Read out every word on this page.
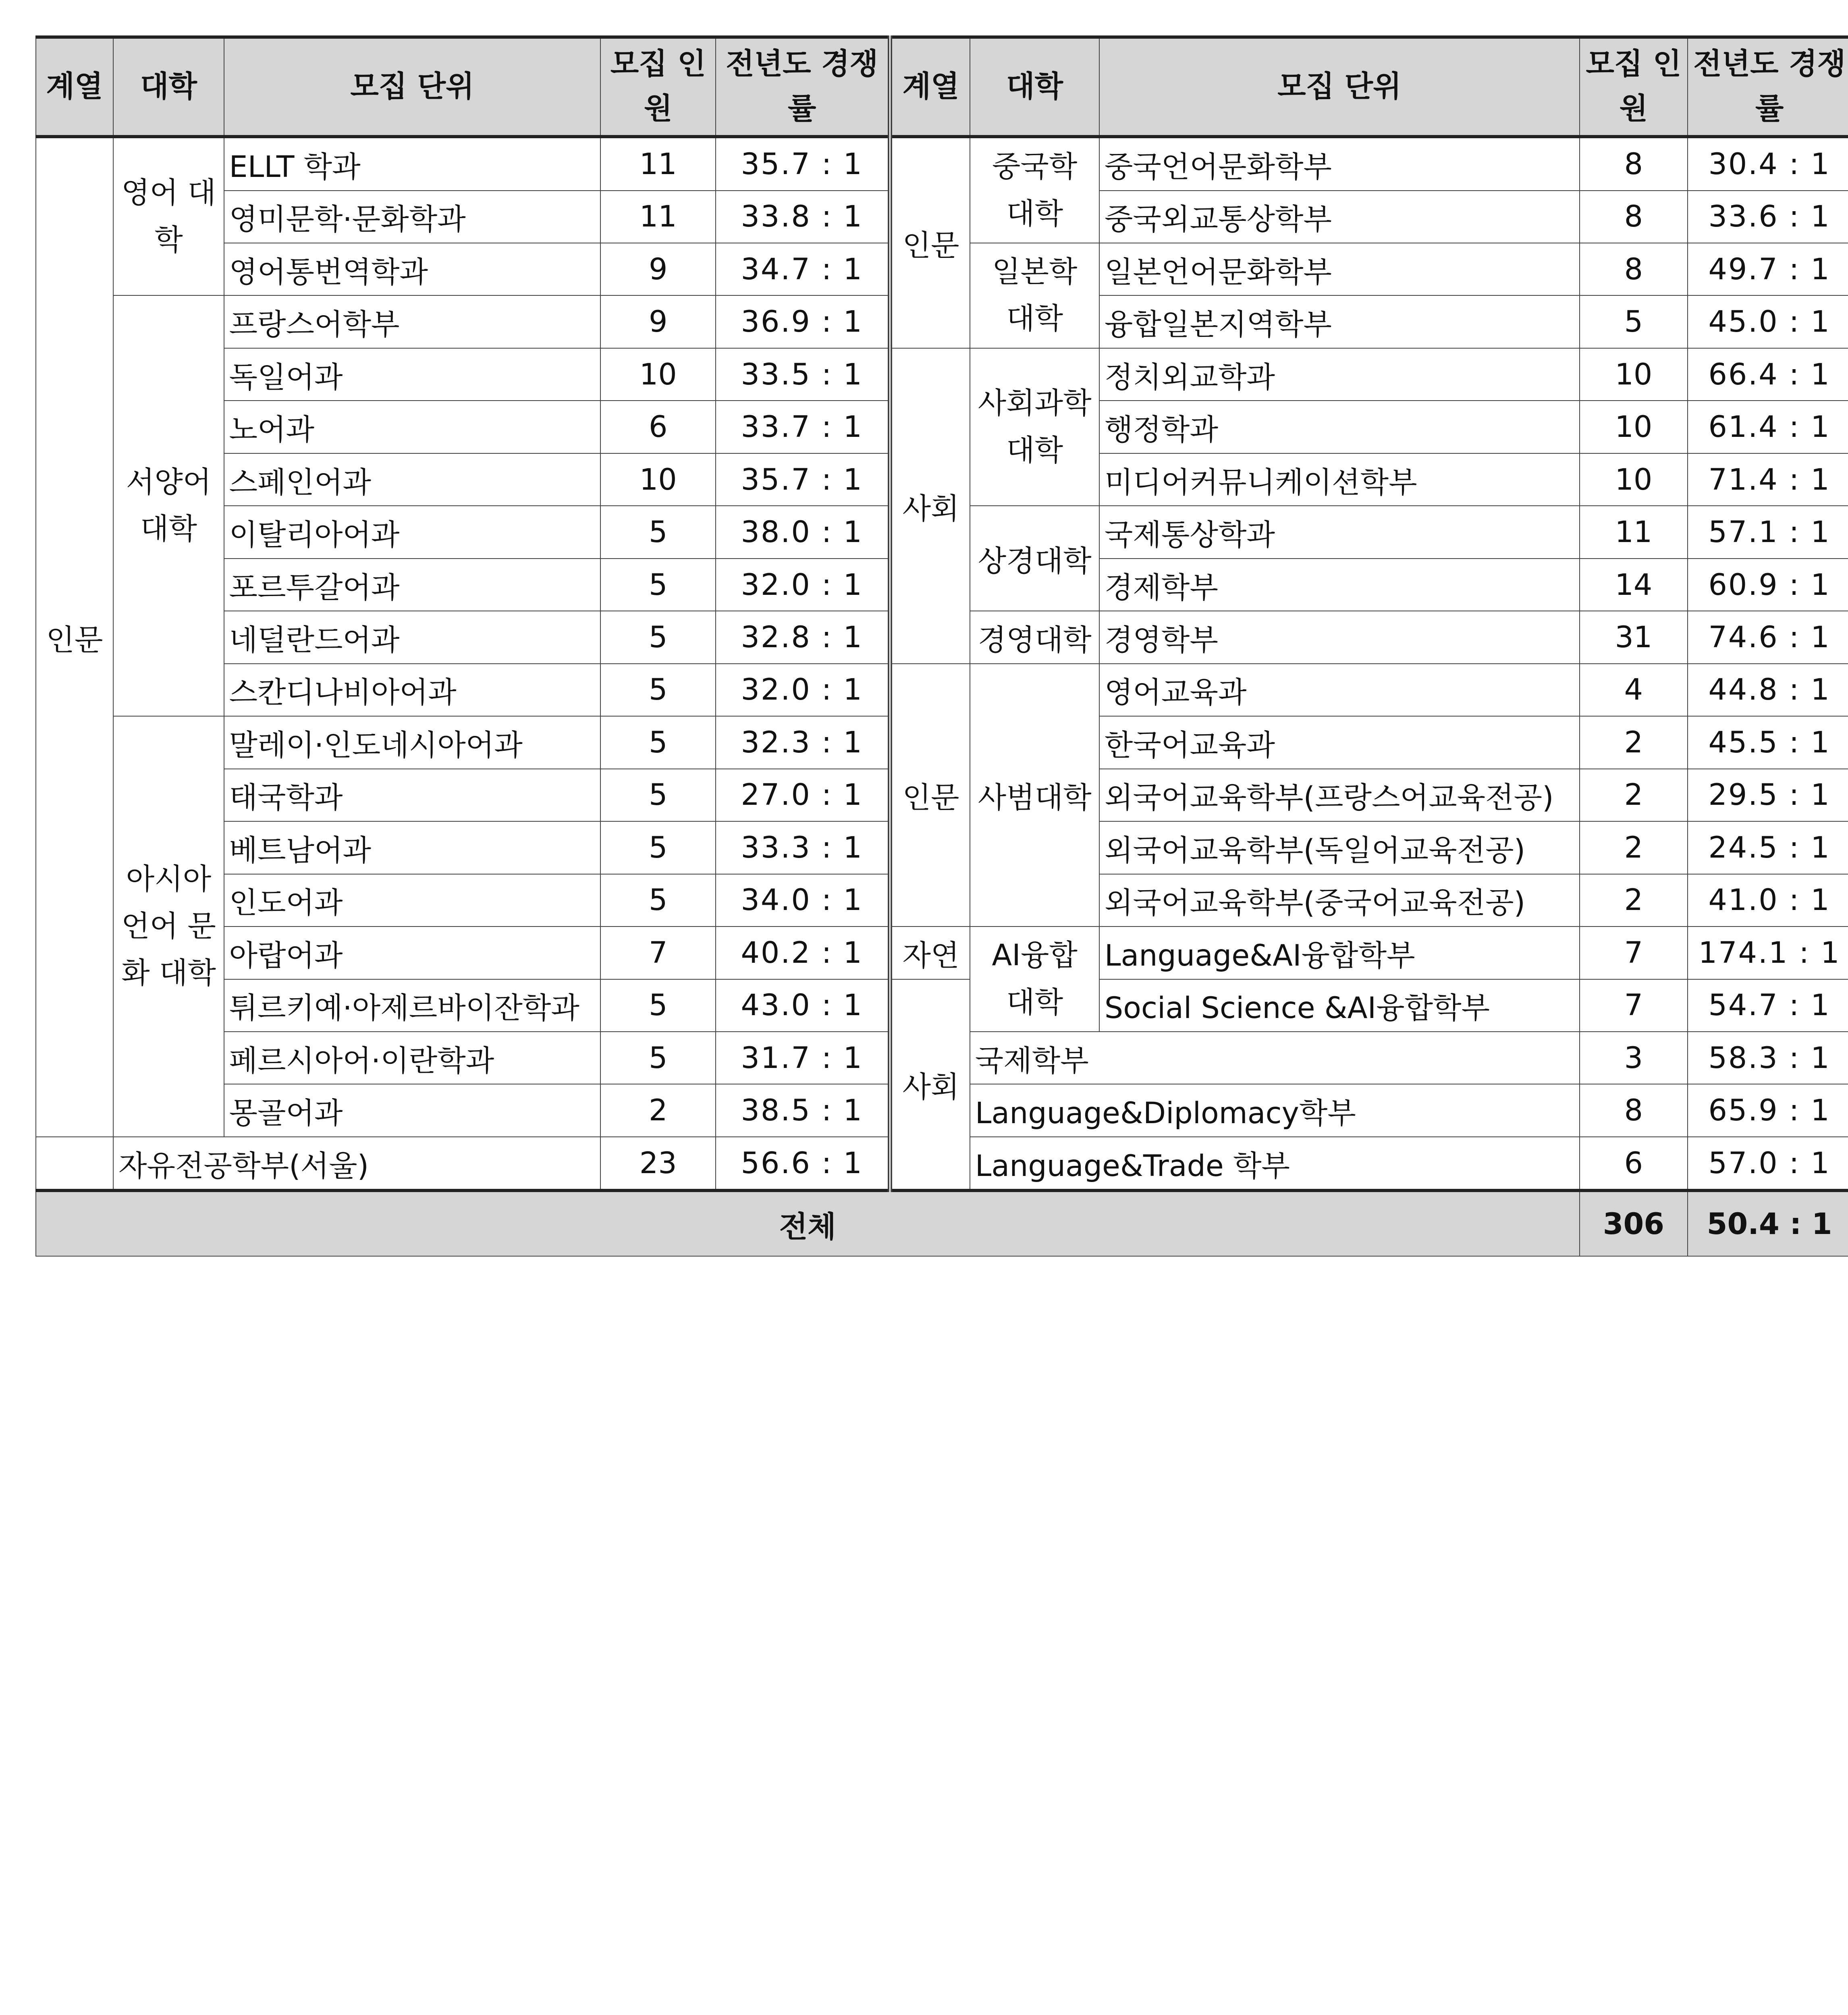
계열	대학	모집 단위	모집 인원	전년도 경쟁률	계열	대학	모집 단위	모집 인원	전년도 경쟁률
인문	영어 대학	ELLT 학과	11	35.7 : 1	인문	중국학 대학	중국언어문화학부	8	30.4 : 1
		영미문학·문화학과	11	33.8 : 1			중국외교통상학부	8	33.6 : 1
		영어통번역학과	9	34.7 : 1		일본학 대학	일본언어문화학부	8	49.7 : 1
	서양어 대학	프랑스어학부	9	36.9 : 1			융합일본지역학부	5	45.0 : 1
		독일어과	10	33.5 : 1	사회	사회과학 대학	정치외교학과	10	66.4 : 1
		노어과	6	33.7 : 1			행정학과	10	61.4 : 1
		스페인어과	10	35.7 : 1			미디어커뮤니케이션학부	10	71.4 : 1
		이탈리아어과	5	38.0 : 1		상경대학	국제통상학과	11	57.1 : 1
		포르투갈어과	5	32.0 : 1			경제학부	14	60.9 : 1
		네덜란드어과	5	32.8 : 1		경영대학	경영학부	31	74.6 : 1
		스칸디나비아어과	5	32.0 : 1	인문	사범대학	영어교육과	4	44.8 : 1
	아시아 언어 문화 대학	말레이·인도네시아어과	5	32.3 : 1			한국어교육과	2	45.5 : 1
		태국학과	5	27.0 : 1			외국어교육학부(프랑스어교육전공)	2	29.5 : 1
		베트남어과	5	33.3 : 1			외국어교육학부(독일어교육전공)	2	24.5 : 1
		인도어과	5	34.0 : 1			외국어교육학부(중국어교육전공)	2	41.0 : 1
		아랍어과	7	40.2 : 1	자연	AI융합 대학	Language&AI융합학부	7	174.1 : 1
		튀르키예·아제르바이잔학과	5	43.0 : 1	사회		Social Science &AI융합학부	7	54.7 : 1
		페르시아어·이란학과	5	31.7 : 1		국제학부		3	58.3 : 1
		몽골어과	2	38.5 : 1		Language&Diplomacy학부		8	65.9 : 1
	자유전공학부(서울)		23	56.6 : 1		Language&Trade 학부		6	57.0 : 1
전체								306	50.4 : 1
